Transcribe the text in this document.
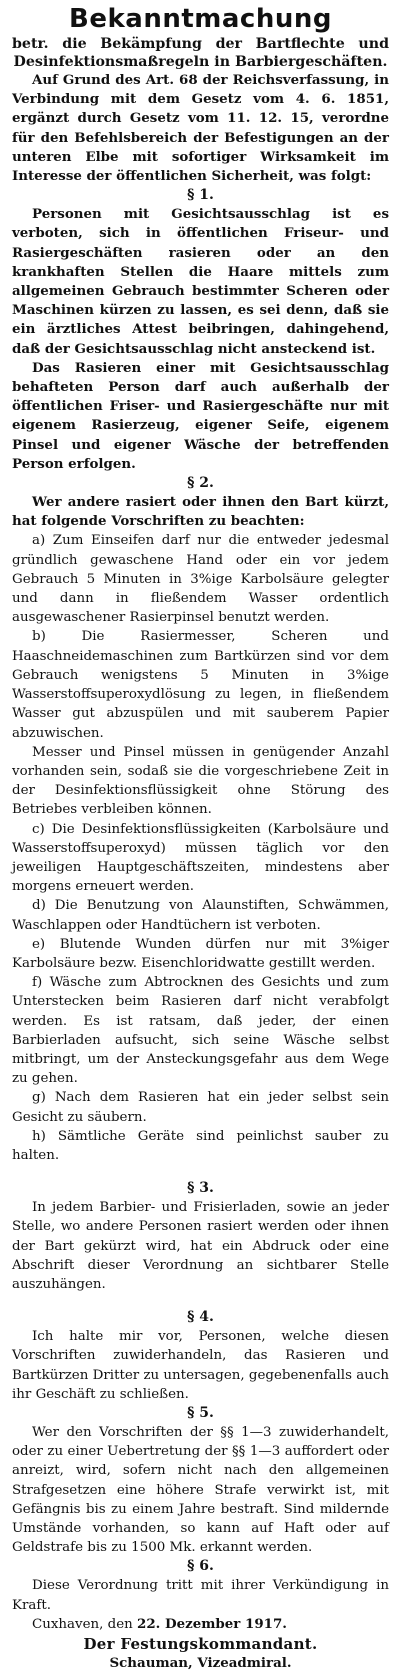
Bekanntmachung
betr. die Bekämpfung der Bartflechte und
Desinfektionsmaßregeln in Barbiergeschäften.

Auf Grund des Art. 68 der Reichsverfassung, in Verbindung mit dem Gesetz vom 4. 6. 1851, ergänzt durch Gesetz vom 11. 12. 15, verordne für den Befehlsbereich der Befestigungen an der unteren Elbe mit sofortiger Wirksamkeit im Interesse der öffentlichen Sicherheit, was folgt:

§ 1.

Personen mit Gesichtsausschlag ist es verboten, sich in öffentlichen Friseur- und Rasiergeschäften rasieren oder an den krankhaften Stellen die Haare mittels zum allgemeinen Gebrauch bestimmter Scheren oder Maschinen kürzen zu lassen, es sei denn, daß sie ein ärztliches Attest beibringen, dahingehend, daß der Gesichtsausschlag nicht ansteckend ist.

Das Rasieren einer mit Gesichtsausschlag behafteten Person darf auch außerhalb der öffentlichen Friser- und Rasiergeschäfte nur mit eigenem Rasierzeug, eigener Seife, eigenem Pinsel und eigener Wäsche der betreffenden Person erfolgen.

§ 2.

Wer andere rasiert oder ihnen den Bart kürzt, hat folgende Vorschriften zu beachten:

a) Zum Einseifen darf nur die entweder jedesmal gründlich gewaschene Hand oder ein vor jedem Gebrauch 5 Minuten in 3%ige Karbolsäure gelegter und dann in fließendem Wasser ordentlich ausgewaschener Rasierpinsel benutzt werden.

b) Die Rasiermesser, Scheren und Haaschneidemaschinen zum Bartkürzen sind vor dem Gebrauch wenigstens 5 Minuten in 3%ige Wasserstoffsuperoxydlösung zu legen, in fließendem Wasser gut abzuspülen und mit sauberem Papier abzuwischen.

Messer und Pinsel müssen in genügender Anzahl vorhanden sein, sodaß sie die vorgeschriebene Zeit in der Desinfektionsflüssigkeit ohne Störung des Betriebes verbleiben können.

c) Die Desinfektionsflüssigkeiten (Karbolsäure und Wasserstoffsuperoxyd) müssen täglich vor den jeweiligen Hauptgeschäftszeiten, mindestens aber morgens erneuert werden.

d) Die Benutzung von Alaunstiften, Schwämmen, Waschlappen oder Handtüchern ist verboten.

e) Blutende Wunden dürfen nur mit 3%iger Karbolsäure bezw. Eisenchloridwatte gestillt werden.

f) Wäsche zum Abtrocknen des Gesichts und zum Unterstecken beim Rasieren darf nicht verabfolgt werden. Es ist ratsam, daß jeder, der einen Barbierladen aufsucht, sich seine Wäsche selbst mitbringt, um der Ansteckungsgefahr aus dem Wege zu gehen.

g) Nach dem Rasieren hat ein jeder selbst sein Gesicht zu säubern.

h) Sämtliche Geräte sind peinlichst sauber zu halten.

§ 3.

In jedem Barbier- und Frisierladen, sowie an jeder Stelle, wo andere Personen rasiert werden oder ihnen der Bart gekürzt wird, hat ein Abdruck oder eine Abschrift dieser Verordnung an sichtbarer Stelle auszuhängen.

§ 4.

Ich halte mir vor, Personen, welche diesen Vorschriften zuwiderhandeln, das Rasieren und Bartkürzen Dritter zu untersagen, gegebenenfalls auch ihr Geschäft zu schließen.

§ 5.

Wer den Vorschriften der §§ 1—3 zuwiderhandelt, oder zu einer Uebertretung der §§ 1—3 auffordert oder anreizt, wird, sofern nicht nach den allgemeinen Strafgesetzen eine höhere Strafe verwirkt ist, mit Gefängnis bis zu einem Jahre bestraft. Sind mildernde Umstände vorhanden, so kann auf Haft oder auf Geldstrafe bis zu 1500 Mk. erkannt werden.

§ 6.

Diese Verordnung tritt mit ihrer Verkündigung in Kraft.

Cuxhaven, den 22. Dezember 1917.

Der Festungskommandant.
Schauman, Vizeadmiral.
